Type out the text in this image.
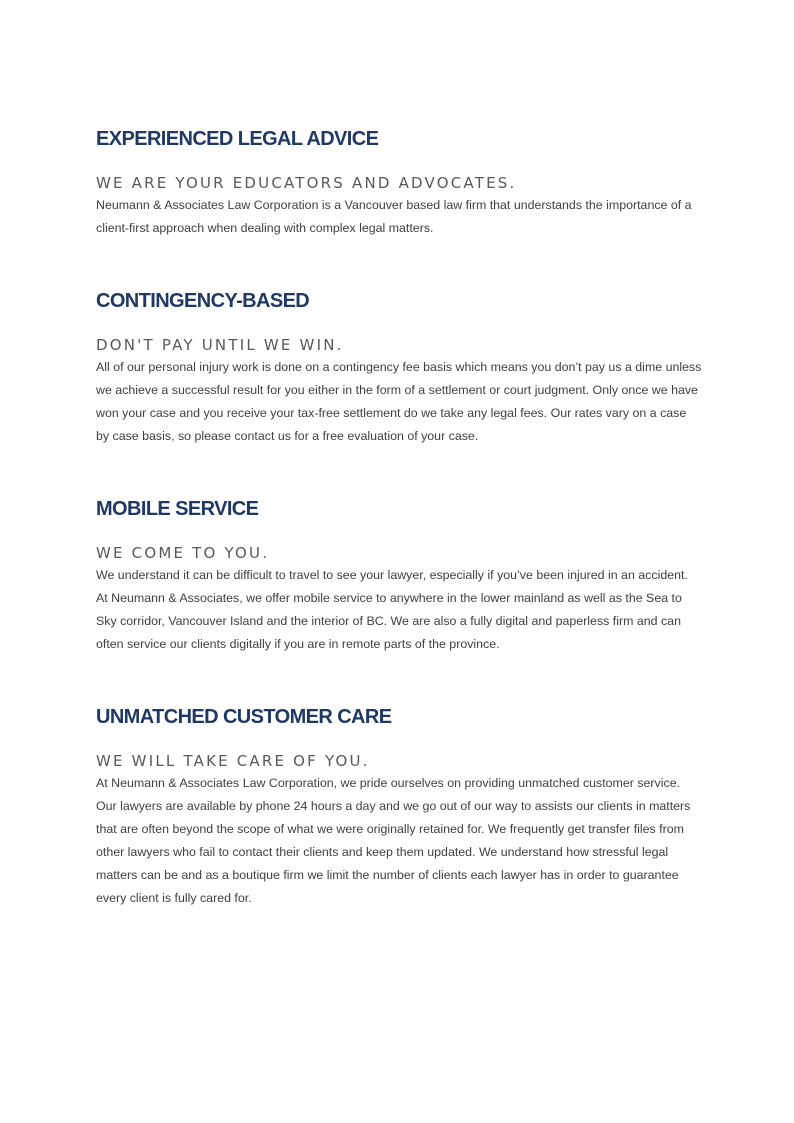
EXPERIENCED LEGAL ADVICE

WE ARE YOUR EDUCATORS AND ADVOCATES.

Neumann & Associates Law Corporation is a Vancouver based law firm that understands the importance of a client-first approach when dealing with complex legal matters.

CONTINGENCY-BASED

DON'T PAY UNTIL WE WIN.

All of our personal injury work is done on a contingency fee basis which means you don’t pay us a dime unless we achieve a successful result for you either in the form of a settlement or court judgment. Only once we have won your case and you receive your tax-free settlement do we take any legal fees. Our rates vary on a case by case basis, so please contact us for a free evaluation of your case.

MOBILE SERVICE

WE COME TO YOU.

We understand it can be difficult to travel to see your lawyer, especially if you’ve been injured in an accident. At Neumann & Associates, we offer mobile service to anywhere in the lower mainland as well as the Sea to Sky corridor, Vancouver Island and the interior of BC. We are also a fully digital and paperless firm and can often service our clients digitally if you are in remote parts of the province.

UNMATCHED CUSTOMER CARE

WE WILL TAKE CARE OF YOU.

At Neumann & Associates Law Corporation, we pride ourselves on providing unmatched customer service. Our lawyers are available by phone 24 hours a day and we go out of our way to assists our clients in matters that are often beyond the scope of what we were originally retained for. We frequently get transfer files from other lawyers who fail to contact their clients and keep them updated. We understand how stressful legal matters can be and as a boutique firm we limit the number of clients each lawyer has in order to guarantee every client is fully cared for.
